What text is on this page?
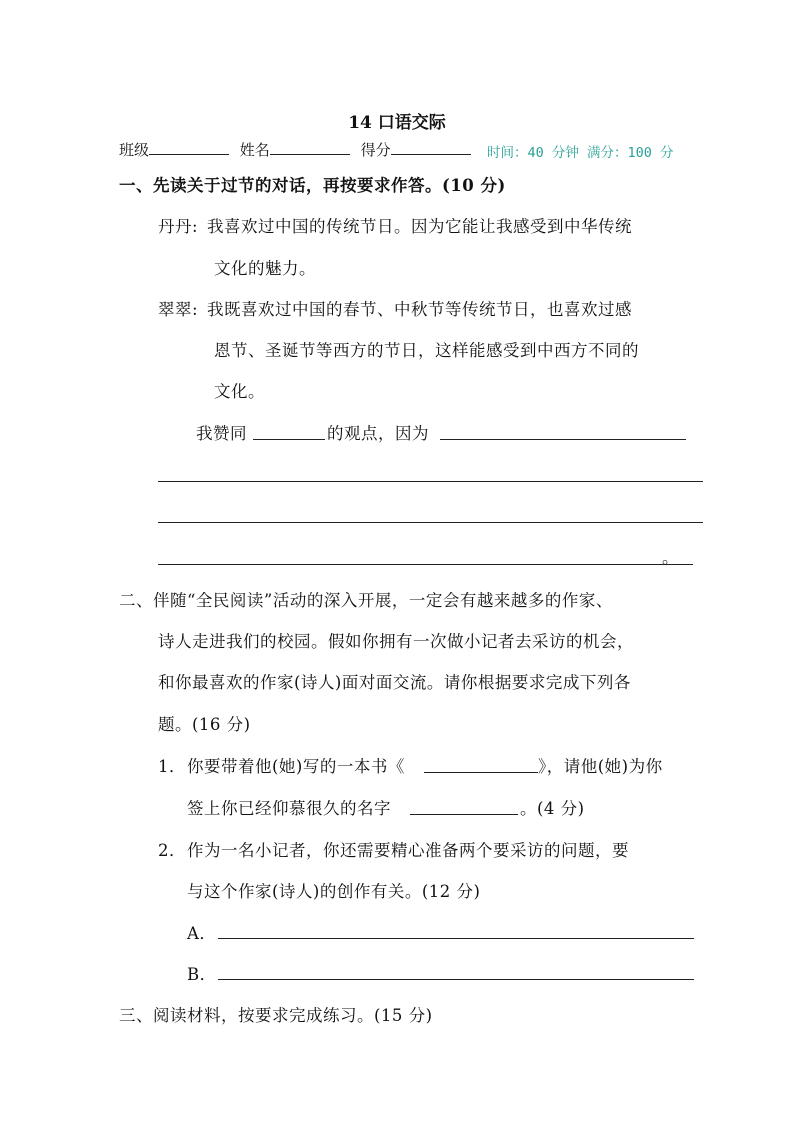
14 口语交际
班级	姓名	得分	时间：40 分钟 满分：100 分
一、先读关于过节的对话，再按要求作答。(10 分)
丹丹: 我喜欢过中国的传统节日。因为它能让我感受到中华传统
文化的魅力。
翠翠: 我既喜欢过中国的春节、中秋节等传统节日，也喜欢过感
恩节、圣诞节等西方的节日，这样能感受到中西方不同的
文化。
我赞同	的观点，因为
。
二、伴随“全民阅读”活动的深入开展，一定会有越来越多的作家、
诗人走进我们的校园。假如你拥有一次做小记者去采访的机会，
和你最喜欢的作家(诗人)面对面交流。请你根据要求完成下列各
题。(16 分)
1． 你要带着他(她)写的一本书《	》，请他(她)为你
签上你已经仰慕很久的名字	。(4 分)
2． 作为一名小记者，你还需要精心准备两个要采访的问题，要
与这个作家(诗人)的创作有关。(12 分)
A．
B．
三、阅读材料，按要求完成练习。(15 分)
